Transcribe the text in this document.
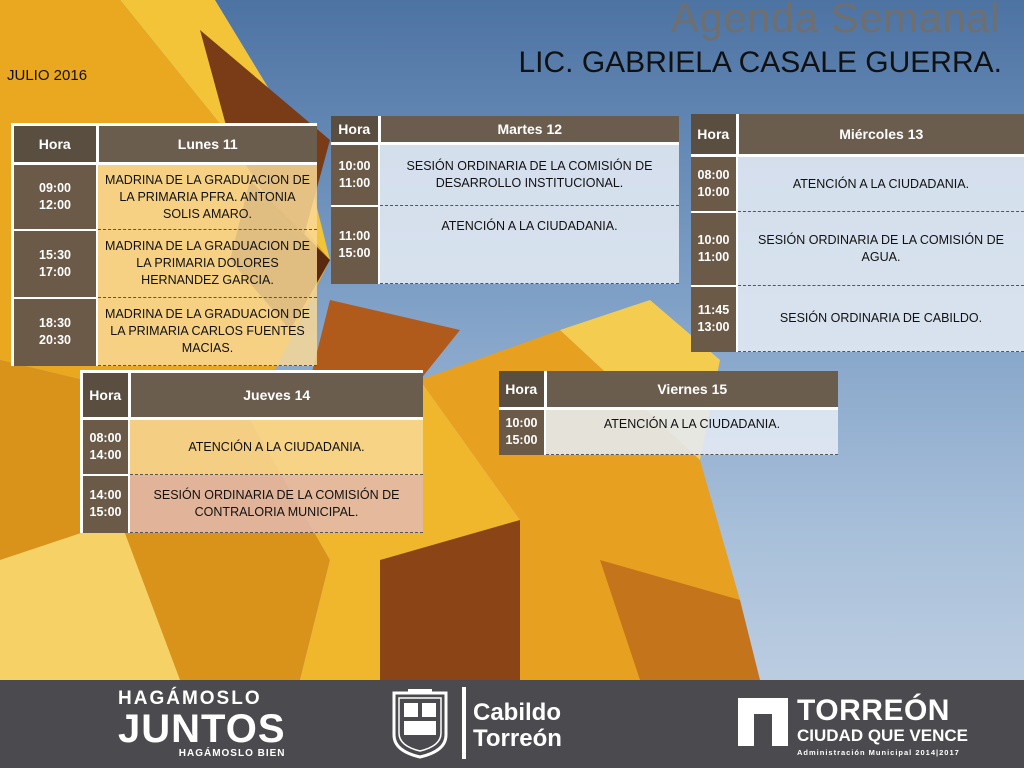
Agenda Semanal
LIC. GABRIELA CASALE GUERRA.
JULIO 2016
Hora	Lunes 11
09:00
12:00	MADRINA DE LA GRADUACION DE LA PRIMARIA PFRA. ANTONIA SOLIS AMARO.
15:30
17:00	MADRINA DE LA GRADUACION DE LA PRIMARIA DOLORES HERNANDEZ GARCIA.
18:30
20:30	MADRINA DE LA GRADUACION DE LA PRIMARIA CARLOS FUENTES MACIAS.
Hora	Martes 12
10:00
11:00	SESIÓN ORDINARIA DE LA COMISIÓN DE DESARROLLO INSTITUCIONAL.
11:00
15:00	ATENCIÓN A LA CIUDADANIA.
Hora	Miércoles 13
08:00
10:00	ATENCIÓN A LA CIUDADANIA.
10:00
11:00	SESIÓN ORDINARIA DE LA COMISIÓN DE AGUA.
11:45
13:00	SESIÓN ORDINARIA DE CABILDO.
Hora	Jueves 14
08:00
14:00	ATENCIÓN A LA CIUDADANIA.
14:00
15:00	SESIÓN ORDINARIA DE LA COMISIÓN DE CONTRALORIA MUNICIPAL.
Hora	Viernes 15
10:00
15:00	ATENCIÓN A LA CIUDADANIA.
HAGÁMOSLO
JUNTOS
HAGÁMOSLO BIEN
Cabildo
Torreón
TORREÓN
CIUDAD QUE VENCE
Administración Municipal 2014|2017
